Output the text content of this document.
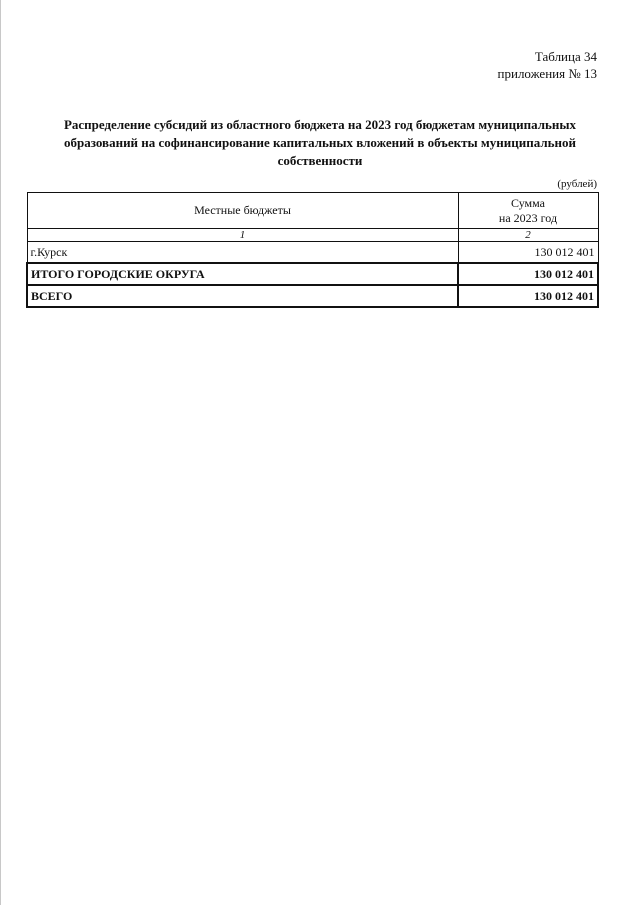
Таблица 34
приложения № 13
Распределение субсидий из областного бюджета на 2023 год бюджетам муниципальных образований на софинансирование капитальных вложений в объекты муниципальной собственности
(рублей)
Местные бюджеты	Сумма
на 2023 год

1	2
г.Курск	130 012 401
ИТОГО ГОРОДСКИЕ ОКРУГА	130 012 401
ВСЕГО	130 012 401
